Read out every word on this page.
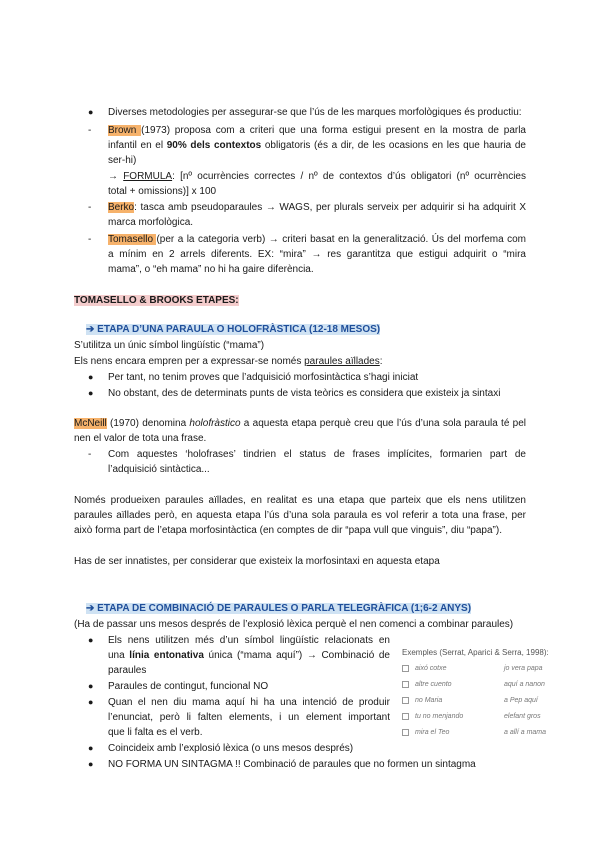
● Diverses metodologies per assegurar-se que l’ús de les marques morfològiques és productiu:
- Brown (1973) proposa com a criteri que una forma estigui present en la mostra de parla
infantil en el 90% dels contextos obligatoris (és a dir, de les ocasions en les que hauria de
ser-hi)
→ FORMULA: [nº ocurrències correctes / nº de contextos d’ús obligatori (nº ocurrències
total + omissions)] x 100
- Berko: tasca amb pseudoparaules → WAGS, per plurals serveix per adquirir si ha adquirit X
marca morfològica.
- Tomasello (per a la categoria verb) → criteri basat en la generalització. Ús del morfema com
a mínim en 2 arrels diferents. EX: “mira” → res garantitza que estigui adquirit o “mira
mama”, o “eh mama” no hi ha gaire diferència.
TOMASELLO & BROOKS ETAPES:
➔ ETAPA D’UNA PARAULA O HOLOFRÀSTICA (12-18 MESOS)
S’utilitza un únic símbol lingüístic (“mama”)
Els nens encara empren per a expressar-se només paraules aïllades:
● Per tant, no tenim proves que l’adquisició morfosintàctica s’hagi iniciat
● No obstant, des de determinats punts de vista teòrics es considera que existeix ja sintaxi
McNeill (1970) denomina holofràstico a aquesta etapa perquè creu que l’ús d’una sola paraula té pel
nen el valor de tota una frase.
- Com aquestes ‘holofrases’ tindrien el status de frases implícites, formarien part de
l’adquisició sintàctica...
Només produeixen paraules aïllades, en realitat es una etapa que parteix que els nens utilitzen
paraules aïllades però, en aquesta etapa l’ús d’una sola paraula es vol referir a tota una frase, per
això forma part de l’etapa morfosintàctica (en comptes de dir “papa vull que vinguis”, diu “papa”).
Has de ser innatistes, per considerar que existeix la morfosintaxi en aquesta etapa
➔ ETAPA DE COMBINACIÓ DE PARAULES O PARLA TELEGRÀFICA (1;6-2 ANYS)
(Ha de passar uns mesos després de l’explosió lèxica perquè el nen comenci a combinar paraules)
● Els nens utilitzen més d’un símbol lingüístic relacionats en
una línia entonativa única (“mama aquí”) → Combinació de
paraules
● Paraules de contingut, funcional NO
● Quan el nen diu mama aquí hi ha una intenció de produir
l’enunciat, però li falten elements, i un element important
que li falta es el verb.
● Coincideix amb l’explosió lèxica (o uns mesos després)
● NO FORMA UN SINTAGMA !! Combinació de paraules que no formen un sintagma
Exemples (Serrat, Aparici & Serra, 1998):
aixó cotxe	jo vera papa
altre cuento	aquí a nanon
no Maria	a Pep aquí
tu no menjando	elefant gros
mira el Teo	a allí a mama
